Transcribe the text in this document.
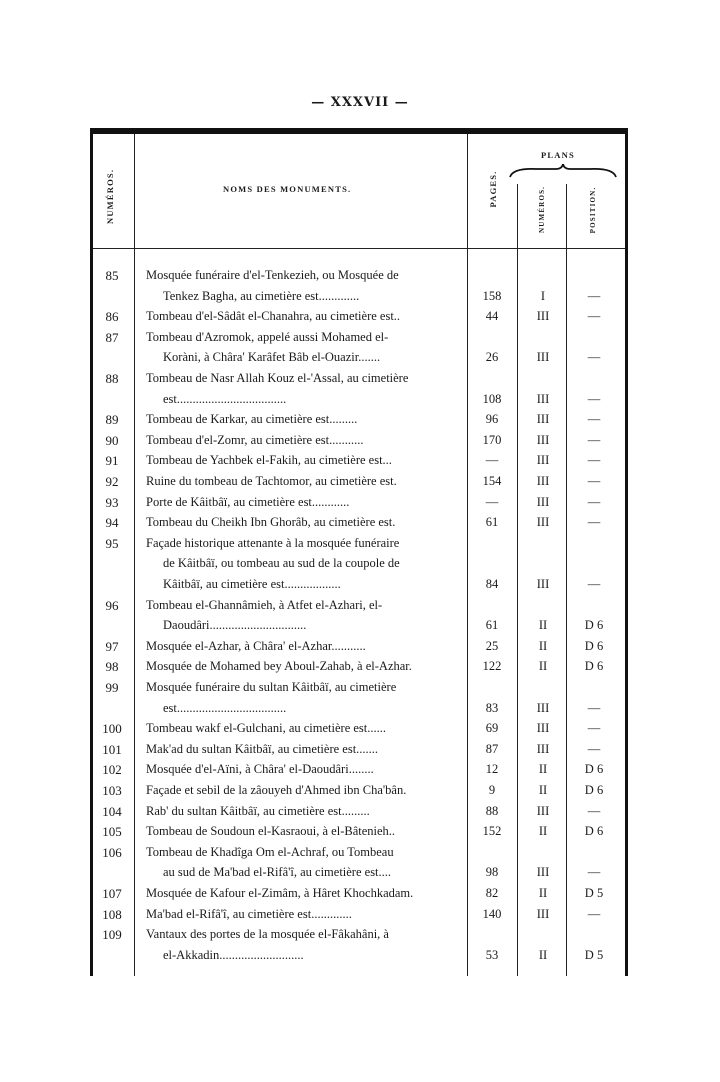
— XXXVII —
NUMÉROS.	NOMS DES MONUMENTS.	PAGES.
PLANS
NUMÉROS.	POSITION.
85	Mosquée funéraire d'el-Tenkezieh, ou Mosquée de
Tenkez Bagha, au cimetière est.............	158	I	—
86	Tombeau d'el-Sâdât el-Chanahra, au cimetière est..	44	III	—
87	Tombeau d'Azromok, appelé aussi Mohamed el-
Koràni, à Châra' Karâfet Bâb el-Ouazir.......	26	III	—
88	Tombeau de Nasr Allah Kouz el-'Assal, au cimetière
est...................................	108	III	—
89	Tombeau de Karkar, au cimetière est.........	96	III	—
90	Tombeau d'el-Zomr, au cimetière est...........	170	III	—
91	Tombeau de Yachbek el-Fakih, au cimetière est...	—	III	—
92	Ruine du tombeau de Tachtomor, au cimetière est.	154	III	—
93	Porte de Kâitbâï, au cimetière est............	—	III	—
94	Tombeau du Cheikh Ibn Ghorâb, au cimetière est.	61	III	—
95	Façade historique attenante à la mosquée funéraire
de Kâitbâï, ou tombeau au sud de la coupole de
Kâitbâï, au cimetière est..................	84	III	—
96	Tombeau el-Ghannâmieh, à Atfet el-Azhari, el-
Daoudâri...............................	61	II	D 6
97	Mosquée el-Azhar, à Châra' el-Azhar...........	25	II	D 6
98	Mosquée de Mohamed bey Aboul-Zahab, à el-Azhar.	122	II	D 6
99	Mosquée funéraire du sultan Kâitbâï, au cimetière
est...................................	83	III	—
100	Tombeau wakf el-Gulchani, au cimetière est......	69	III	—
101	Mak'ad du sultan Kâitbâï, au cimetière est.......	87	III	—
102	Mosquée d'el-Aïni, à Châra' el-Daoudâri........	12	II	D 6
103	Façade et sebil de la zâouyeh d'Ahmed ibn Cha'bân.	9	II	D 6
104	Rab' du sultan Kâitbâï, au cimetière est.........	88	III	—
105	Tombeau de Soudoun el-Kasraoui, à el-Bâtenieh..	152	II	D 6
106	Tombeau de Khadîga Om el-Achraf, ou Tombeau
au sud de Ma'bad el-Rifâ'î, au cimetière est....	98	III	—
107	Mosquée de Kafour el-Zimâm, à Hâret Khochkadam.	82	II	D 5
108	Ma'bad el-Rifâ'î, au cimetière est.............	140	III	—
109	Vantaux des portes de la mosquée el-Fâkahâni, à
el-Akkadin...........................	53	II	D 5
